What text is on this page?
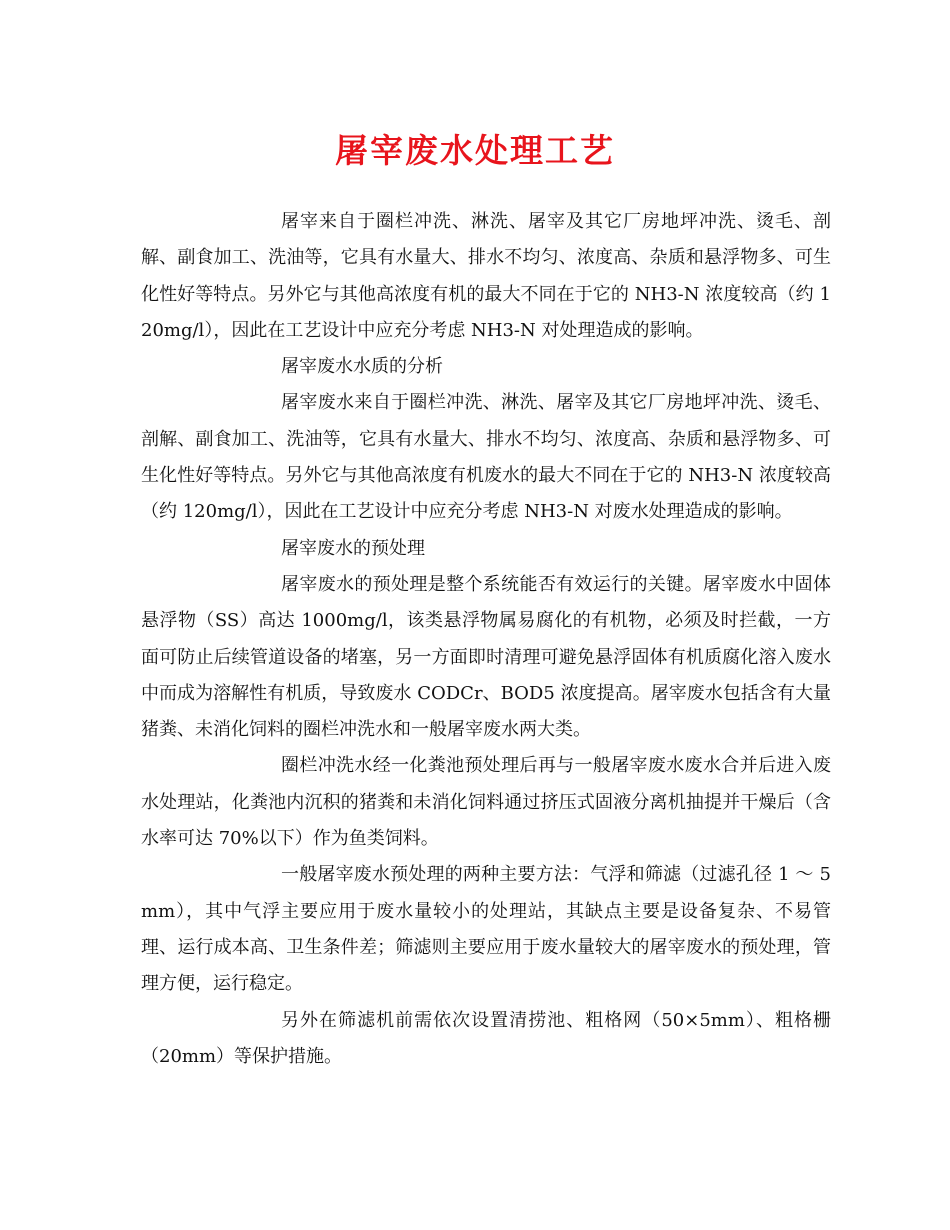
屠宰废水处理工艺

屠宰来自于圈栏冲洗、淋洗、屠宰及其它厂房地坪冲洗、烫毛、剖解、副食加工、洗油等，它具有水量大、排水不均匀、浓度高、杂质和悬浮物多、可生化性好等特点。另外它与其他高浓度有机的最大不同在于它的 NH3-N 浓度较高（约 120mg/l），因此在工艺设计中应充分考虑 NH3-N 对处理造成的影响。

屠宰废水水质的分析

屠宰废水来自于圈栏冲洗、淋洗、屠宰及其它厂房地坪冲洗、烫毛、剖解、副食加工、洗油等，它具有水量大、排水不均匀、浓度高、杂质和悬浮物多、可生化性好等特点。另外它与其他高浓度有机废水的最大不同在于它的 NH3-N 浓度较高（约 120mg/l），因此在工艺设计中应充分考虑 NH3-N 对废水处理造成的影响。

屠宰废水的预处理

屠宰废水的预处理是整个系统能否有效运行的关键。屠宰废水中固体悬浮物（SS）高达 1000mg/l，该类悬浮物属易腐化的有机物，必须及时拦截，一方面可防止后续管道设备的堵塞，另一方面即时清理可避免悬浮固体有机质腐化溶入废水中而成为溶解性有机质，导致废水 CODCr、BOD5 浓度提高。屠宰废水包括含有大量猪粪、未消化饲料的圈栏冲洗水和一般屠宰废水两大类。

圈栏冲洗水经一化粪池预处理后再与一般屠宰废水废水合并后进入废水处理站，化粪池内沉积的猪粪和未消化饲料通过挤压式固液分离机抽提并干燥后（含水率可达 70%以下）作为鱼类饲料。

一般屠宰废水预处理的两种主要方法：气浮和筛滤（过滤孔径 1 ～ 5 mm），其中气浮主要应用于废水量较小的处理站，其缺点主要是设备复杂、不易管理、运行成本高、卫生条件差；筛滤则主要应用于废水量较大的屠宰废水的预处理，管理方便，运行稳定。

另外在筛滤机前需依次设置清捞池、粗格网（50×5mm）、粗格栅（20mm）等保护措施。
